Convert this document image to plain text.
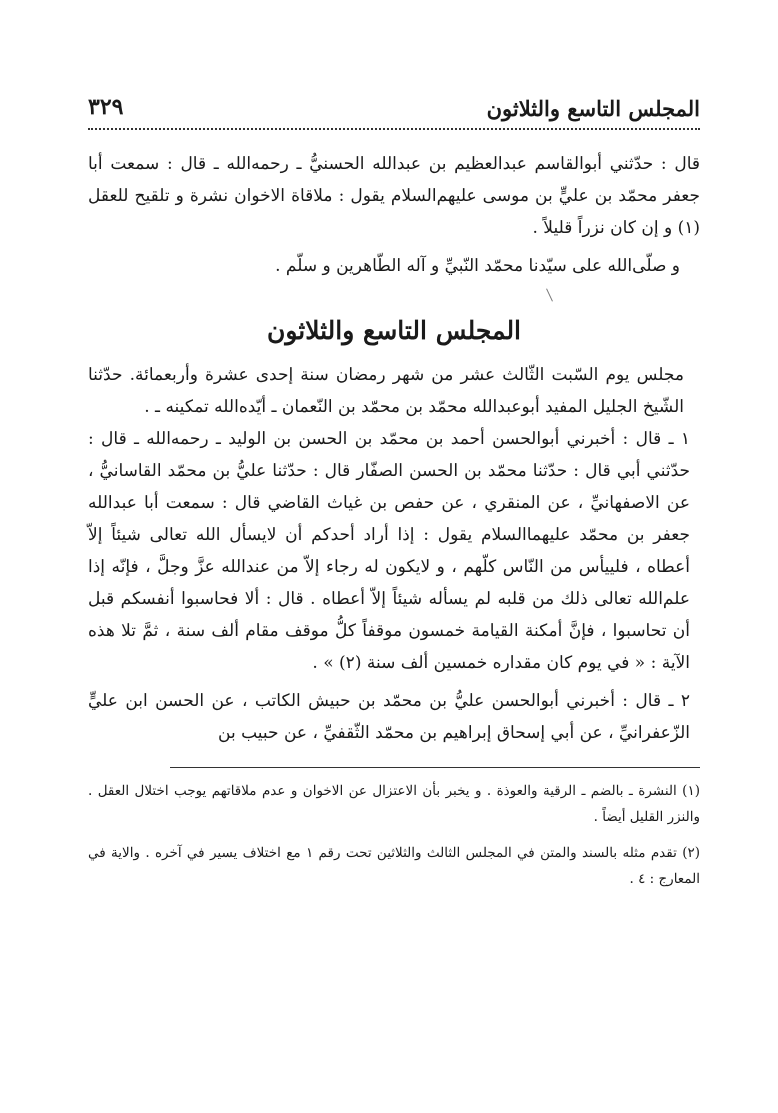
المجلس التاسع والثلاثون
٣٢٩

قال : حدّثني أبوالقاسم عبدالعظيم بن عبدالله الحسنيُّ ـ رحمه‌الله ـ قال : سمعت أبا جعفر محمّد بن عليٍّ بن موسى عليهم‌السلام يقول : ملاقاة الاخوان نشرة و تلقيح للعقل (١) و إن كان نزراً قليلاً .

و صلّى‌الله على سيّدنا محمّد النّبيِّ و آله الطّاهرين و سلّم .

المجلس التاسع والثلاثون

مجلس يوم السّبت الثّالث عشر من شهر رمضان سنة إحدى عشرة وأربعمائة. حدّثنا الشّيخ الجليل المفيد أبوعبدالله محمّد بن محمّد بن النّعمان ـ أيّده‌الله تمكينه ـ .

١ ـ قال : أخبرني أبوالحسن أحمد بن محمّد بن الحسن بن الوليد ـ رحمه‌الله ـ قال : حدّثني أبي قال : حدّثنا محمّد بن الحسن الصفّار قال : حدّثنا عليُّ بن محمّد القاسانيُّ ، عن الاصفهانيِّ ، عن المنقري ، عن حفص بن غياث القاضي قال : سمعت أبا عبدالله جعفر بن محمّد عليهما‌السلام يقول : إذا أراد أحدكم أن لايسأل الله تعالى شيئاً إلاّ أعطاه ، فلييأس من النّاس كلّهم ، و لايكون له رجاء إلاّ من عندالله عزَّ وجلَّ ، فإنّه إذا علم‌الله تعالى ذلك من قلبه لم يسأله شيئاً إلاّ أعطاه . قال : ألا فحاسبوا أنفسكم قبل أن تحاسبوا ، فإنَّ أمكنة القيامة خمسون موقفاً كلُّ موقف مقام ألف سنة ، ثمَّ تلا هذه الآية : « في يوم كان مقداره خمسين ألف سنة (٢) » .

٢ ـ قال : أخبرني أبوالحسن عليُّ بن محمّد بن حبيش الكاتب ، عن الحسن ابن عليٍّ الزّعفرانيِّ ، عن أبي إسحاق إبراهيم بن محمّد الثّقفيِّ ، عن حبيب بن

(١) النشرة ـ بالضم ـ الرقية والعوذة . و يخبر بأن الاعتزال عن الاخوان و عدم ملاقاتهم يوجب اختلال العقل . والنزر القليل أيضاً .

(٢) تقدم مثله بالسند والمتن في المجلس الثالث والثلاثين تحت رقم ١ مع اختلاف يسير في آخره . والاية في المعارج : ٤ .
